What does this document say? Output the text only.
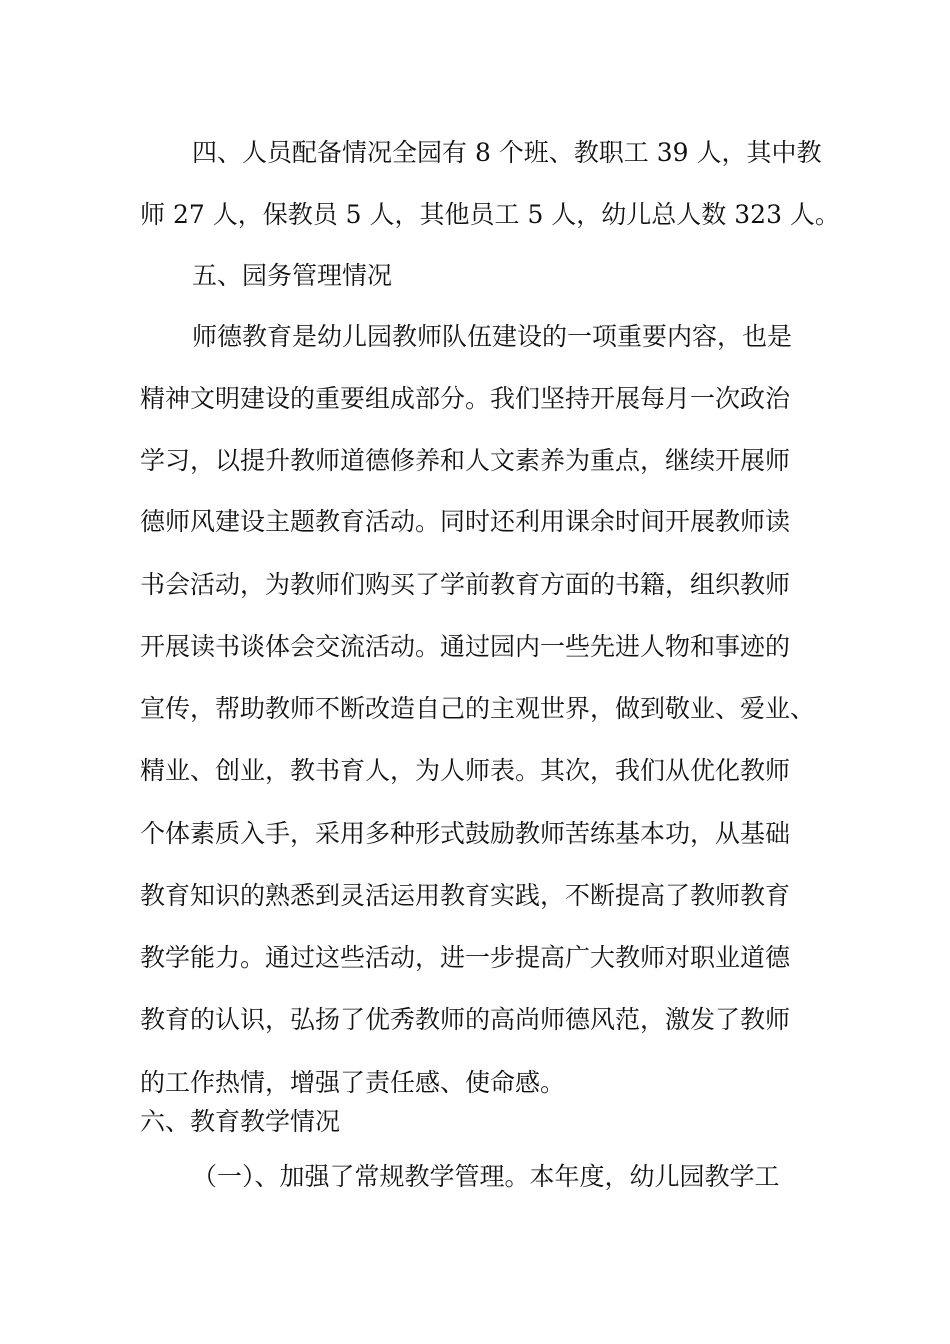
四、人员配备情况全园有 8 个班、教职工 39 人，其中教
师 27 人，保教员 5 人，其他员工 5 人，幼儿总人数 323 人。
五、园务管理情况
师德教育是幼儿园教师队伍建设的一项重要内容，也是
精神文明建设的重要组成部分。我们坚持开展每月一次政治
学习，以提升教师道德修养和人文素养为重点，继续开展师
德师风建设主题教育活动。同时还利用课余时间开展教师读
书会活动，为教师们购买了学前教育方面的书籍，组织教师
开展读书谈体会交流活动。通过园内一些先进人物和事迹的
宣传，帮助教师不断改造自己的主观世界，做到敬业、爱业、
精业、创业，教书育人，为人师表。其次，我们从优化教师
个体素质入手，采用多种形式鼓励教师苦练基本功，从基础
教育知识的熟悉到灵活运用教育实践，不断提高了教师教育
教学能力。通过这些活动，进一步提高广大教师对职业道德
教育的认识，弘扬了优秀教师的高尚师德风范，激发了教师
的工作热情，增强了责任感、使命感。
六、教育教学情况
（一）、加强了常规教学管理。本年度，幼儿园教学工
